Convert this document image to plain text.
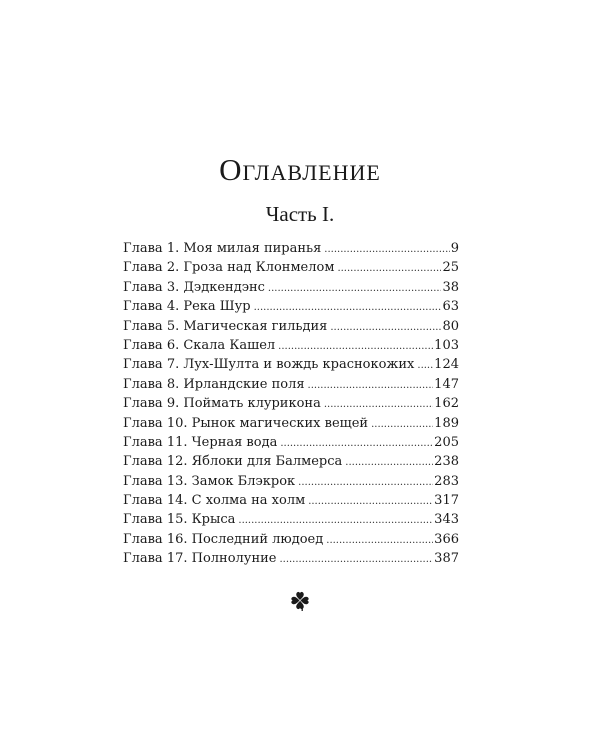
Оглавление
Часть I.
Глава 1. Моя милая пиранья .....	9
Глава 2. Гроза над Клонмелом .....	25
Глава 3. Дэдкендэнс .....	38
Глава 4. Река Шур .....	63
Глава 5. Магическая гильдия .....	80
Глава 6. Скала Кашел .....	103
Глава 7. Лух-Шулта и вождь краснокожих ..... 124
Глава 8. Ирландские поля .....	147
Глава 9. Поймать клурикона .....	162
Глава 10. Рынок магических вещей .....	189
Глава 11. Черная вода .....	205
Глава 12. Яблоки для Балмерса .....	238
Глава 13. Замок Блэкрок .....	283
Глава 14. С холма на холм .....	317
Глава 15. Крыса .....	343
Глава 16. Последний людоед .....	366
Глава 17. Полнолуние .....	387
